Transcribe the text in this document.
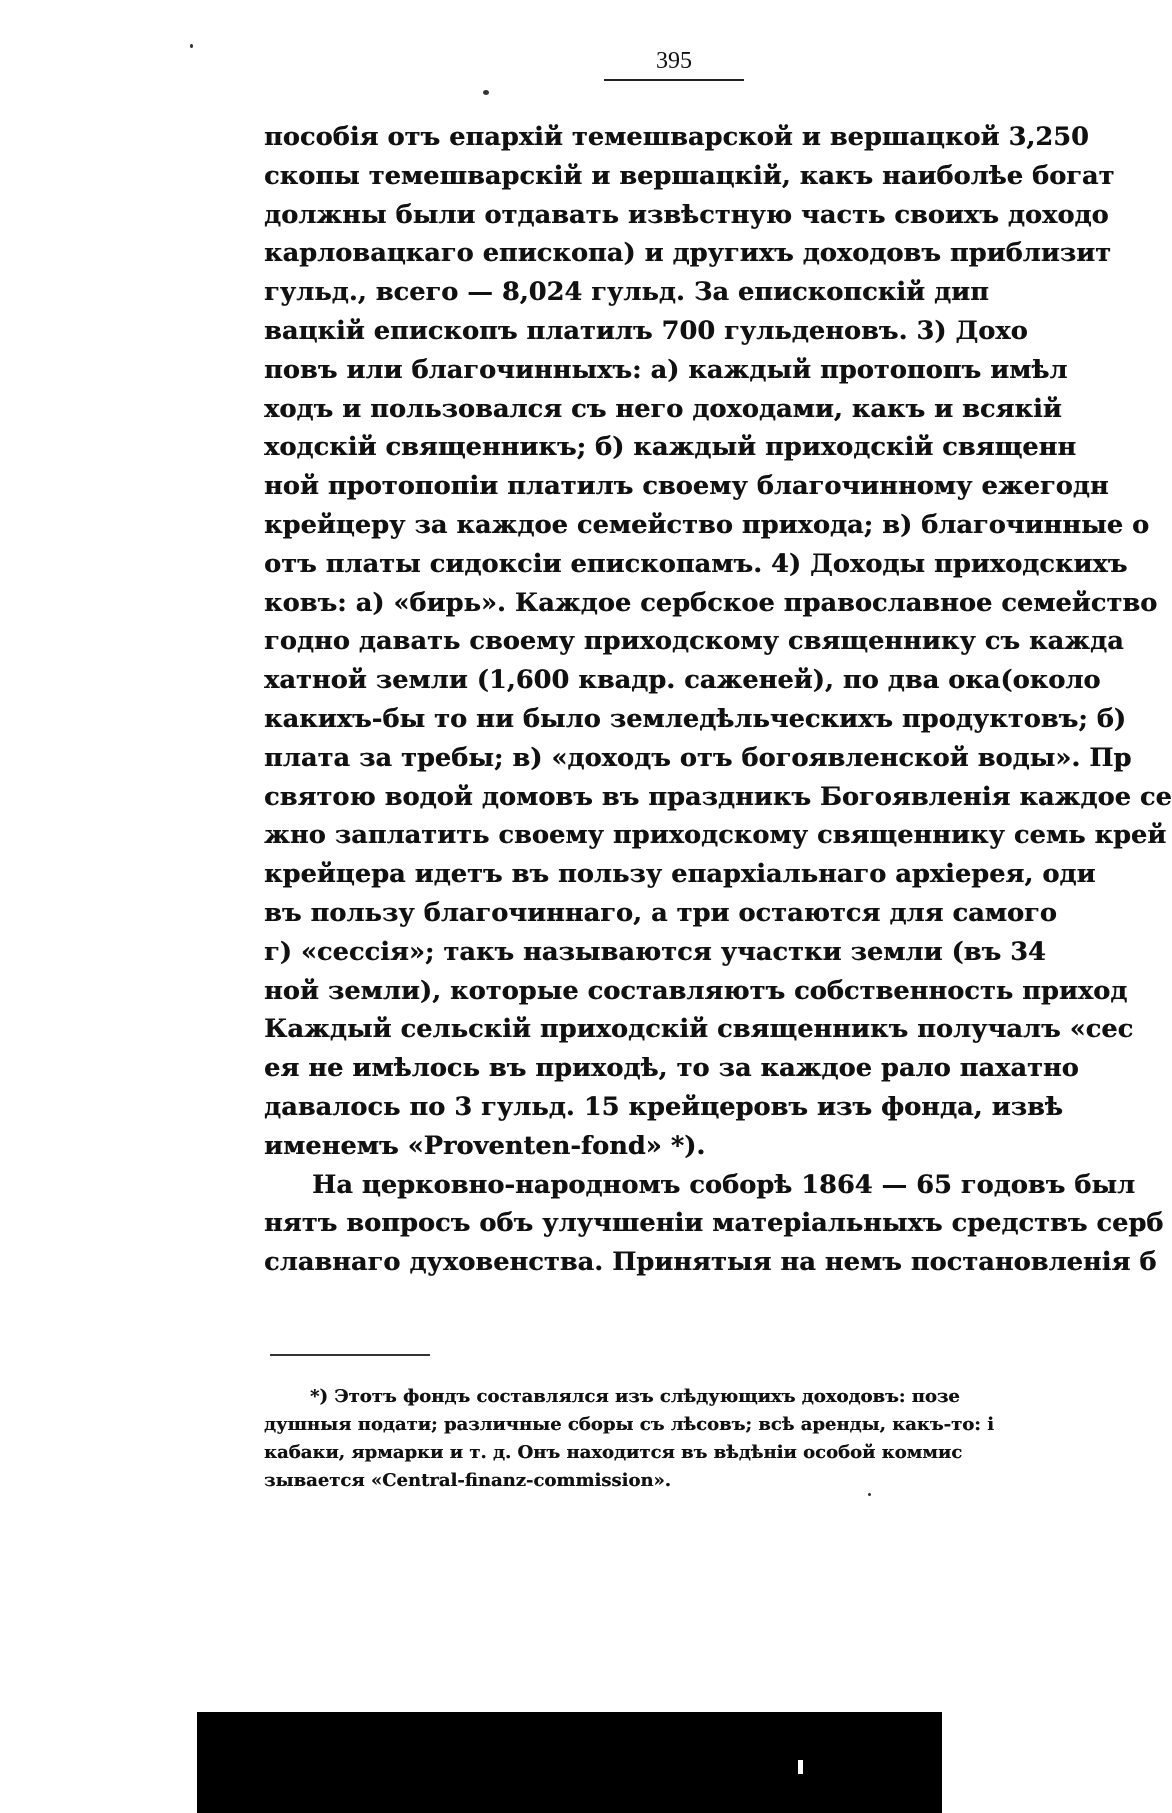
395
пособія отъ епархій темешварской и вершацкой 3,250
скопы темешварскій и вершацкій, какъ наиболѣе богат
должны были отдавать извѣстную часть своихъ доходо
карловацкаго епископа) и другихъ доходовъ приблизит
гульд., всего — 8,024 гульд. За епископскій дип
вацкій епископъ платилъ 700 гульденовъ. 3) Дохо
повъ или благочинныхъ: а) каждый протопопъ имѣл
ходъ и пользовался съ него доходами, какъ и всякій
ходскій священникъ; б) каждый приходскій священн
ной протопопіи платилъ своему благочинному ежегодн
крейцеру за каждое семейство прихода; в) благочинные о
отъ платы сидоксіи епископамъ. 4) Доходы приходскихъ
ковъ: а) «бирь». Каждое сербское православное семейство
годно давать своему приходскому священнику съ кажда
хатной земли (1,600 квадр. саженей), по два ока(около
какихъ-бы то ни было земледѣльческихъ продуктовъ; б)
плата за требы; в) «доходъ отъ богоявленской воды». Пр
святою водой домовъ въ праздникъ Богоявленія каждое се
жно заплатить своему приходскому священнику семь крей
крейцера идетъ въ пользу епархіальнаго архіерея, оди
въ пользу благочиннаго, а три остаются для самого
г) «сессія»; такъ называются участки земли (въ 34
ной земли), которые составляютъ собственность приход
Каждый сельскій приходскій священникъ получалъ «сес
ея не имѣлось въ приходѣ, то за каждое рало пахатно
давалось по 3 гульд. 15 крейцеровъ изъ фонда, извѣ
именемъ «Proventen-fond» *).
На церковно-народномъ соборѣ 1864 — 65 годовъ был
нятъ вопросъ объ улучшеніи матеріальныхъ средствъ серб
славнаго духовенства. Принятыя на немъ постановленія б
*) Этотъ фондъ составлялся изъ слѣдующихъ доходовъ: позе
душныя подати; различные сборы съ лѣсовъ; всѣ аренды, какъ-то: і
кабаки, ярмарки и т. д. Онъ находится въ вѣдѣніи особой коммис
зывается «Central-finanz-commission».
